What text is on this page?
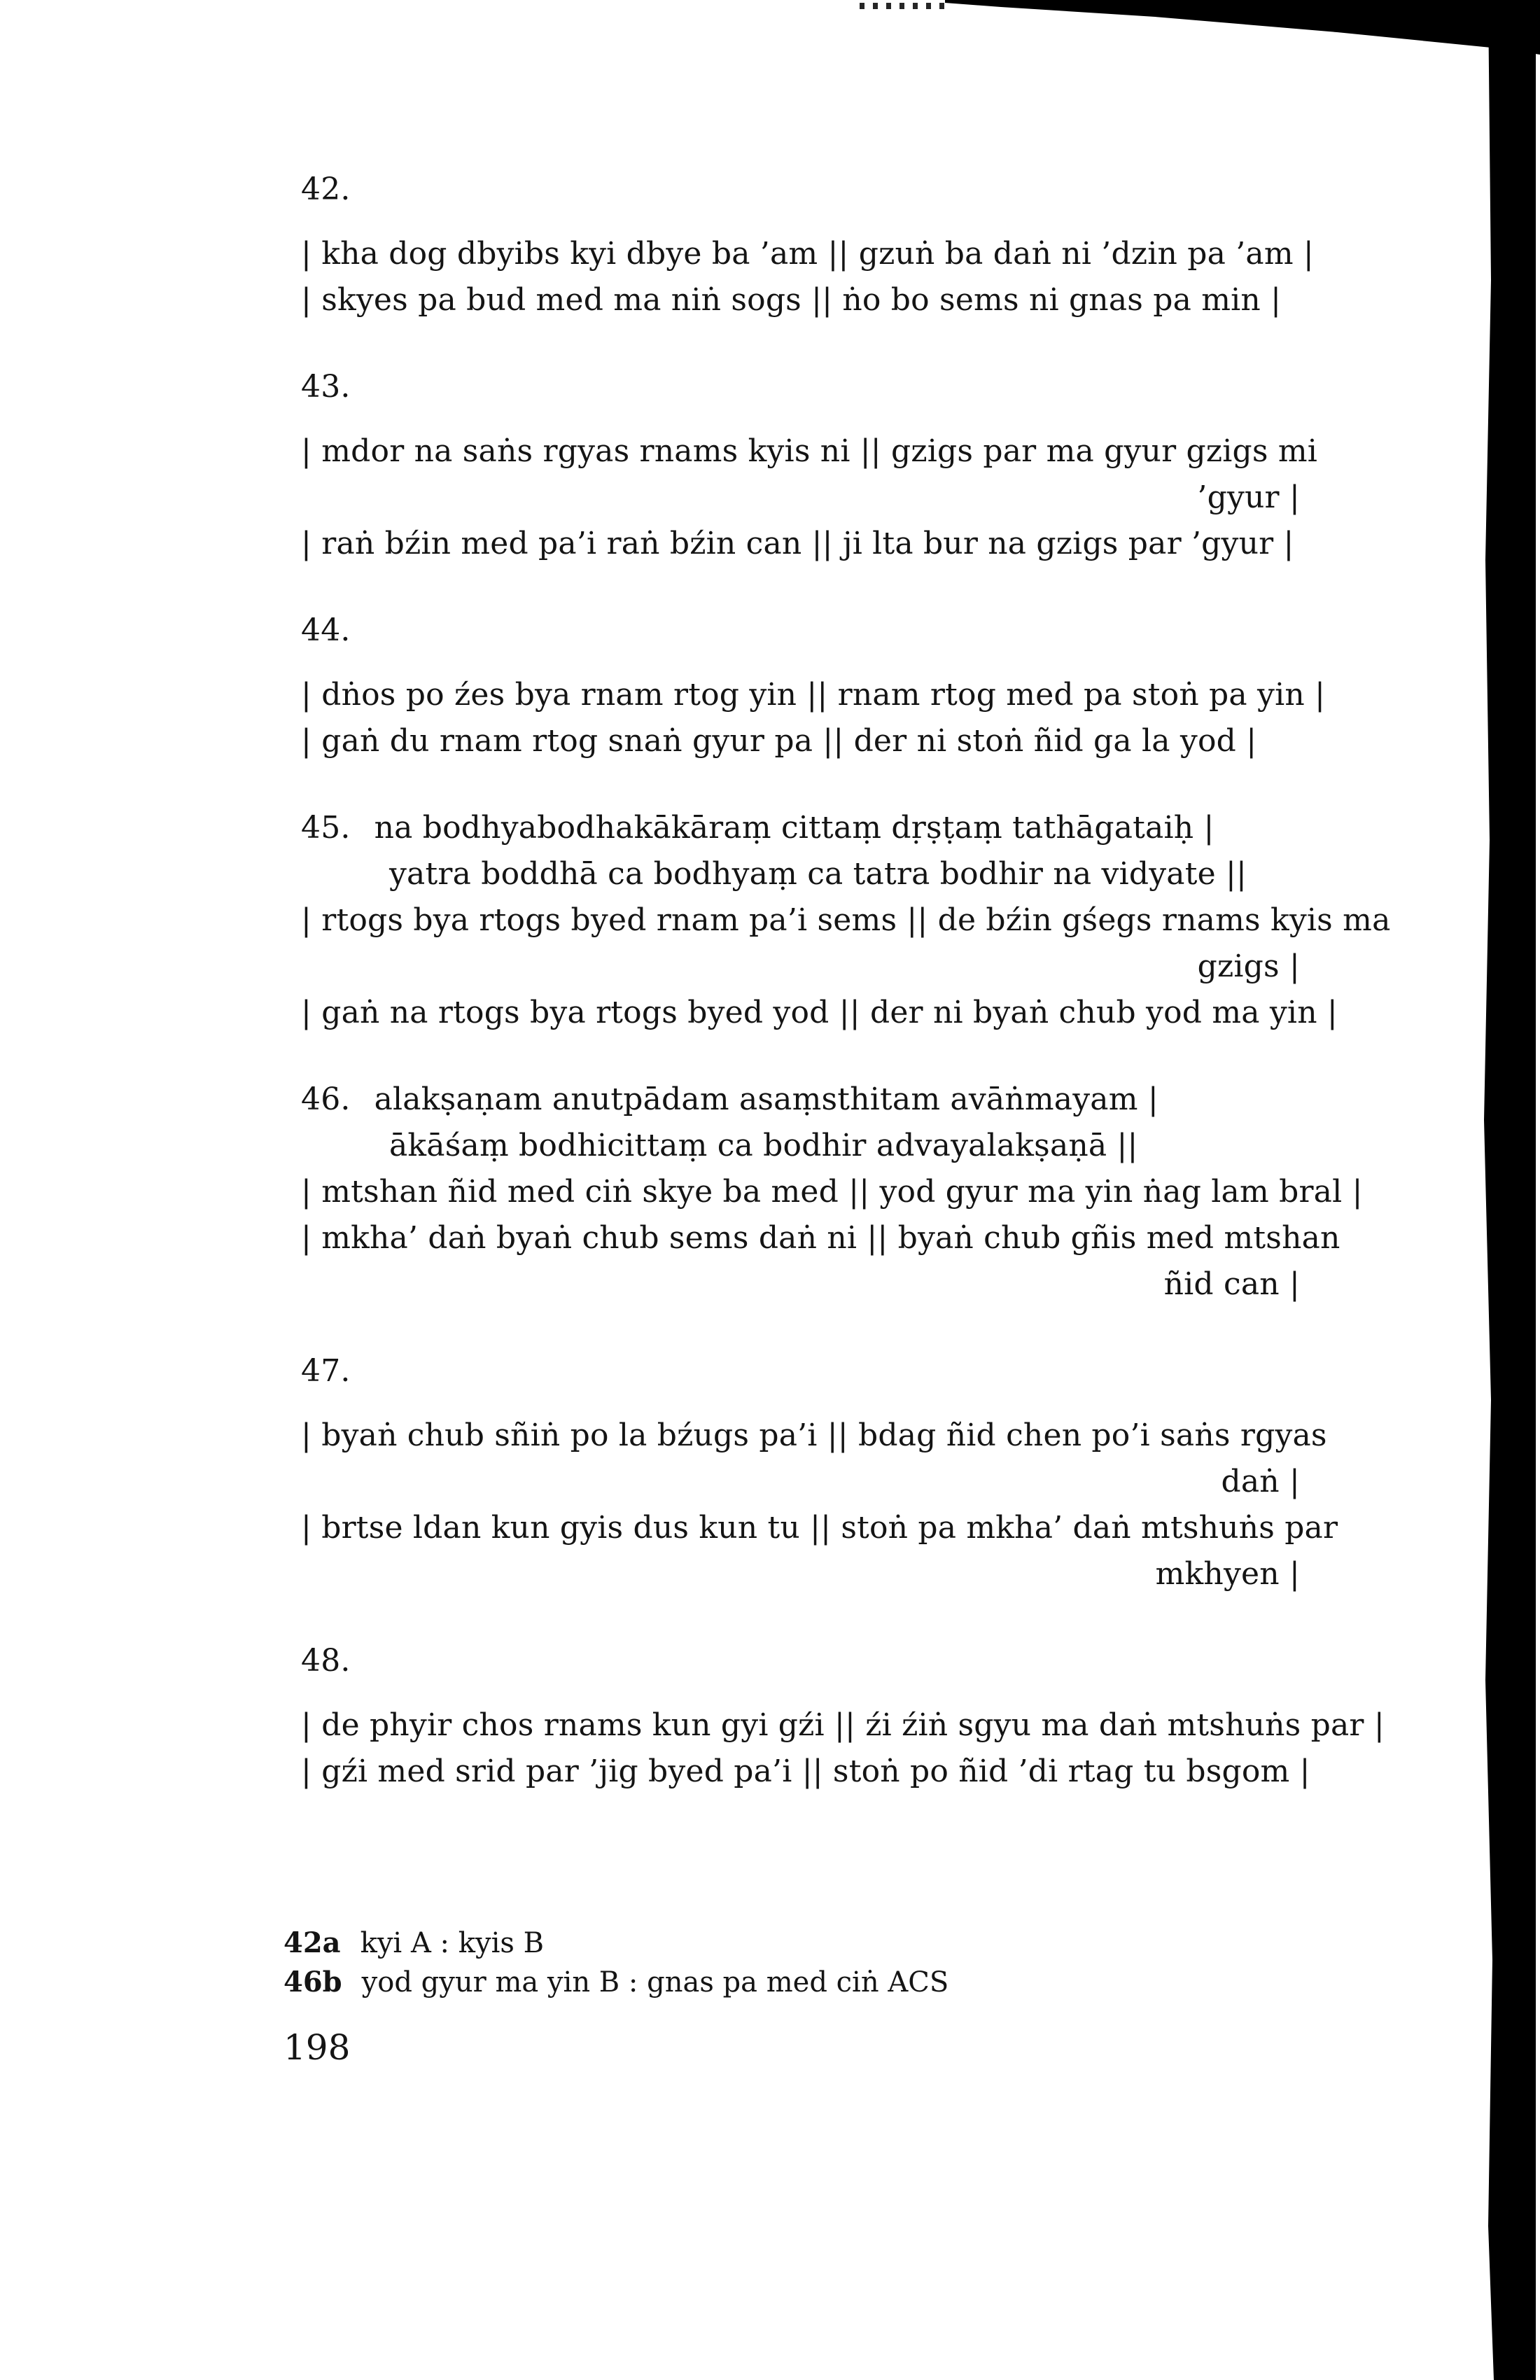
42.
| kha dog dbyibs kyi dbye ba ’am || gzuṅ ba daṅ ni ’dzin pa ’am |
| skyes pa bud med ma niṅ sogs || ṅo bo sems ni gnas pa min |
43.
| mdor na saṅs rgyas rnams kyis ni || gzigs par ma gyur gzigs mi
’gyur |
| raṅ bźin med pa’i raṅ bźin can || ji lta bur na gzigs par ’gyur |
44.
| dṅos po źes bya rnam rtog yin || rnam rtog med pa stoṅ pa yin |
| gaṅ du rnam rtog snaṅ gyur pa || der ni stoṅ ñid ga la yod |
45. na bodhyabodhakākāraṃ cittaṃ dṛṣṭaṃ tathāgataiḥ |
yatra boddhā ca bodhyaṃ ca tatra bodhir na vidyate ||
| rtogs bya rtogs byed rnam pa’i sems || de bźin gśegs rnams kyis ma
gzigs |
| gaṅ na rtogs bya rtogs byed yod || der ni byaṅ chub yod ma yin |
46. alakṣaṇam anutpādam asaṃsthitam avāṅmayam |
ākāśaṃ bodhicittaṃ ca bodhir advayalakṣaṇā ||
| mtshan ñid med ciṅ skye ba med || yod gyur ma yin ṅag lam bral |
| mkha’ daṅ byaṅ chub sems daṅ ni || byaṅ chub gñis med mtshan
ñid can |
47.
| byaṅ chub sñiṅ po la bźugs pa’i || bdag ñid chen po’i saṅs rgyas
daṅ |
| brtse ldan kun gyis dus kun tu || stoṅ pa mkha’ daṅ mtshuṅs par
mkhyen |
48.
| de phyir chos rnams kun gyi gźi || źi źiṅ sgyu ma daṅ mtshuṅs par |
| gźi med srid par ’jig byed pa’i || stoṅ po ñid ’di rtag tu bsgom |
42a kyi A : kyis B
46b yod gyur ma yin B : gnas pa med ciṅ ACS
198
